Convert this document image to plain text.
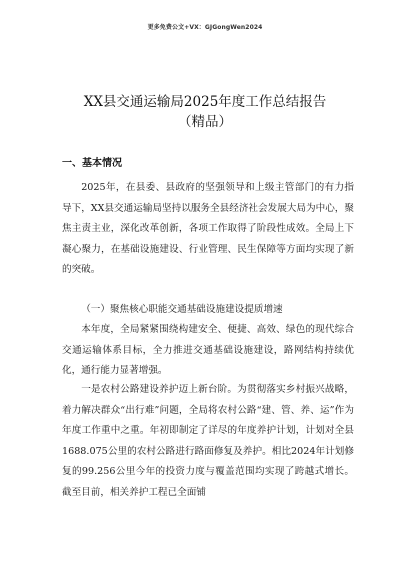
更多免费公文+VX：GJGongWen2024
XX县交通运输局2025年度工作总结报告
（精品）
一、基本情况
2025年，在县委、县政府的坚强领导和上级主管部门的有力指导下，XX县交通运输局坚持以服务全县经济社会发展大局为中心，聚焦主责主业，深化改革创新，各项工作取得了阶段性成效。全局上下凝心聚力，在基础设施建设、行业管理、民生保障等方面均实现了新的突破。
（一）聚焦核心职能交通基础设施建设提质增速
本年度，全局紧紧围绕构建安全、便捷、高效、绿色的现代综合交通运输体系目标，全力推进交通基础设施建设，路网结构持续优化，通行能力显著增强。
一是农村公路建设养护迈上新台阶。为贯彻落实乡村振兴战略，着力解决群众“出行难”问题，全局将农村公路“建、管、养、运”作为年度工作重中之重。年初即制定了详尽的年度养护计划，计划对全县1688.075公里的农村公路进行路面修复及养护。相比2024年计划修复的99.256公里今年的投资力度与覆盖范围均实现了跨越式增长。截至目前，相关养护工程已全面铺
